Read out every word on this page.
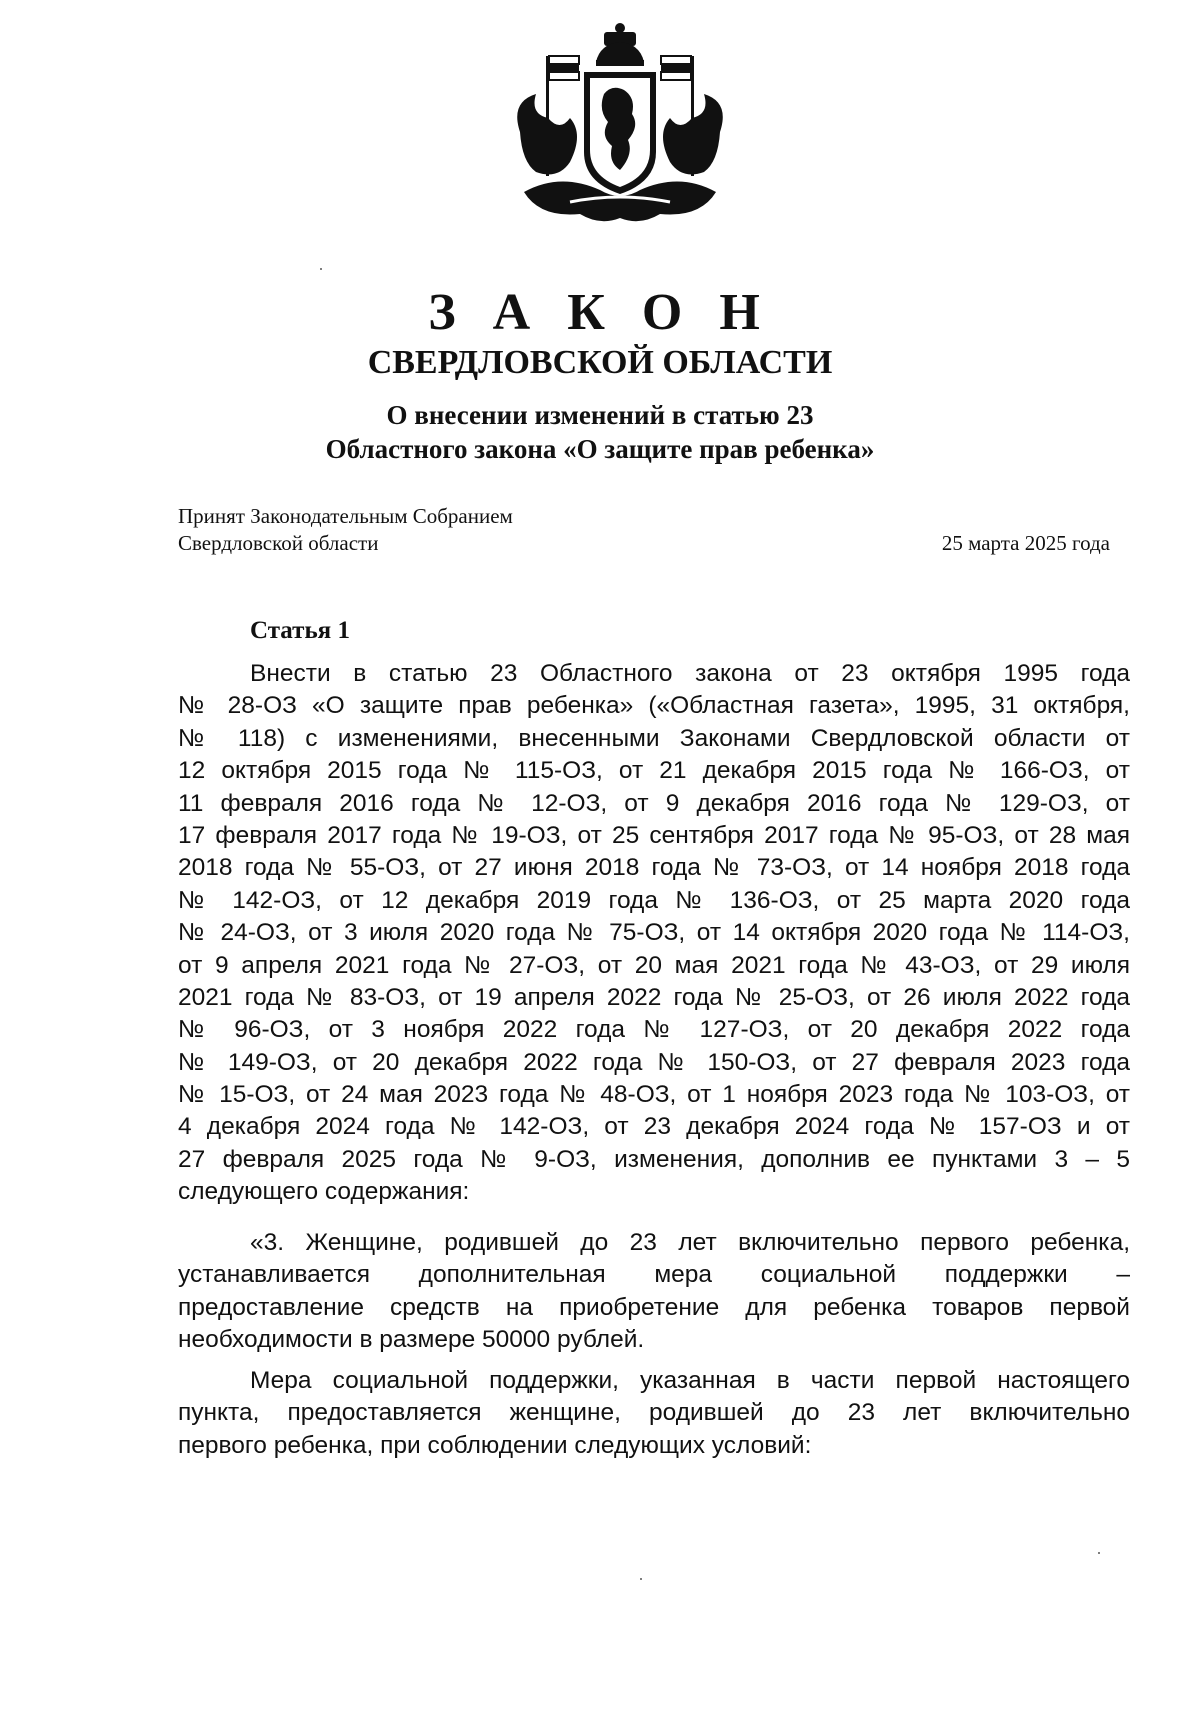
З А К О Н
СВЕРДЛОВСКОЙ ОБЛАСТИ
О внесении изменений в статью 23
Областного закона «О защите прав ребенка»
Принят Законодательным Собранием
Свердловской области	25 марта 2025 года
Статья 1
Внести в статью 23 Областного закона от 23 октября 1995 года
№ 28-ОЗ «О защите прав ребенка» («Областная газета», 1995, 31 октября,
№ 118) с изменениями, внесенными Законами Свердловской области от
12 октября 2015 года № 115-ОЗ, от 21 декабря 2015 года № 166-ОЗ, от
11 февраля 2016 года № 12-ОЗ, от 9 декабря 2016 года № 129-ОЗ, от
17 февраля 2017 года № 19-ОЗ, от 25 сентября 2017 года № 95-ОЗ, от 28 мая
2018 года № 55-ОЗ, от 27 июня 2018 года № 73-ОЗ, от 14 ноября 2018 года
№ 142-ОЗ, от 12 декабря 2019 года № 136-ОЗ, от 25 марта 2020 года
№ 24-ОЗ, от 3 июля 2020 года № 75-ОЗ, от 14 октября 2020 года № 114-ОЗ,
от 9 апреля 2021 года № 27-ОЗ, от 20 мая 2021 года № 43-ОЗ, от 29 июля
2021 года № 83-ОЗ, от 19 апреля 2022 года № 25-ОЗ, от 26 июля 2022 года
№ 96-ОЗ, от 3 ноября 2022 года № 127-ОЗ, от 20 декабря 2022 года
№ 149-ОЗ, от 20 декабря 2022 года № 150-ОЗ, от 27 февраля 2023 года
№ 15-ОЗ, от 24 мая 2023 года № 48-ОЗ, от 1 ноября 2023 года № 103-ОЗ, от
4 декабря 2024 года № 142-ОЗ, от 23 декабря 2024 года № 157-ОЗ и от
27 февраля 2025 года № 9-ОЗ, изменения, дополнив ее пунктами 3 – 5
следующего содержания:
«3. Женщине, родившей до 23 лет включительно первого ребенка,
устанавливается дополнительная мера социальной поддержки –
предоставление средств на приобретение для ребенка товаров первой
необходимости в размере 50000 рублей.
Мера социальной поддержки, указанная в части первой настоящего
пункта, предоставляется женщине, родившей до 23 лет включительно
первого ребенка, при соблюдении следующих условий:
